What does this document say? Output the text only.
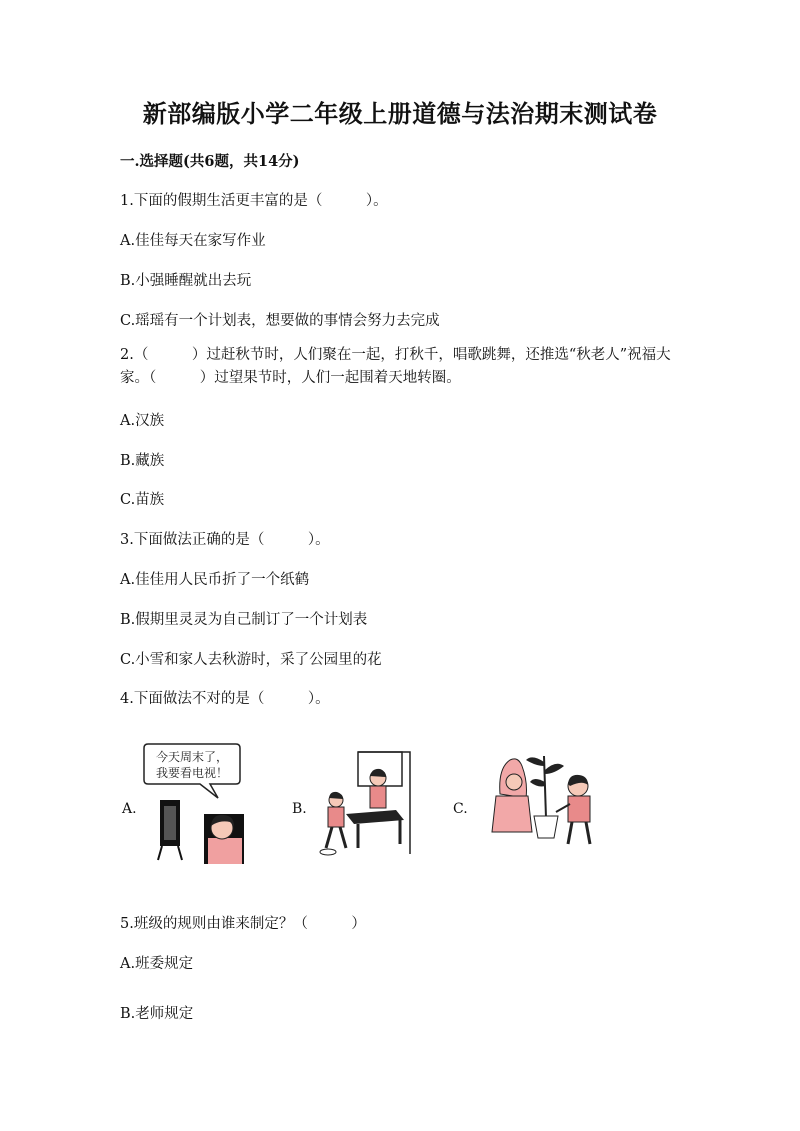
新部编版小学二年级上册道德与法治期末测试卷
一.选择题(共6题，共14分)
1.下面的假期生活更丰富的是（　　　）。
A.佳佳每天在家写作业
B.小强睡醒就出去玩
C.瑶瑶有一个计划表，想要做的事情会努力去完成
2.（　　　）过赶秋节时，人们聚在一起，打秋千，唱歌跳舞，还推选“秋老人”祝福大家。（　　　）过望果节时，人们一起围着天地转圈。
A.汉族
B.藏族
C.苗族
3.下面做法正确的是（　　　）。
A.佳佳用人民币折了一个纸鹤
B.假期里灵灵为自己制订了一个计划表
C.小雪和家人去秋游时，采了公园里的花
4.下面做法不对的是（　　　）。
A.	B.	C.
今天周末了，
我要看电视！
5.班级的规则由谁来制定？（　　　）
A.班委规定
B.老师规定
